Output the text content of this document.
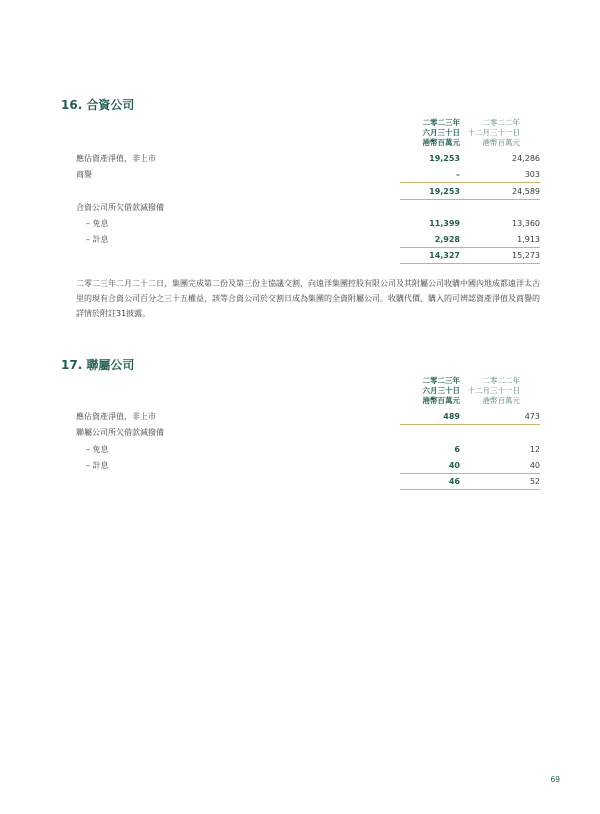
16. 合資公司
二零二三年
六月三十日
港幣百萬元
二零二二年
十二月三十一日
港幣百萬元
應佔資產淨值，非上市	19,253	24,286
商譽	–	303
19,253	24,589
合資公司所欠借款減撥備
– 免息	11,399	13,360
– 計息	2,928	1,913
14,327	15,273
二零二三年二月二十二日，集團完成第二份及第三份主協議交割，向遠洋集團控股有限公司及其附屬公司收購中國內地成都遠洋太古里的現有合資公司百分之三十五權益，該等合資公司於交割日成為集團的全資附屬公司。收購代價、購入的可辨認資產淨值及商譽的詳情於附註31披露。
17. 聯屬公司
二零二三年
六月三十日
港幣百萬元
二零二二年
十二月三十一日
港幣百萬元
應佔資產淨值，非上市	489	473
聯屬公司所欠借款減撥備
– 免息	6	12
– 計息	40	40
46	52
69
